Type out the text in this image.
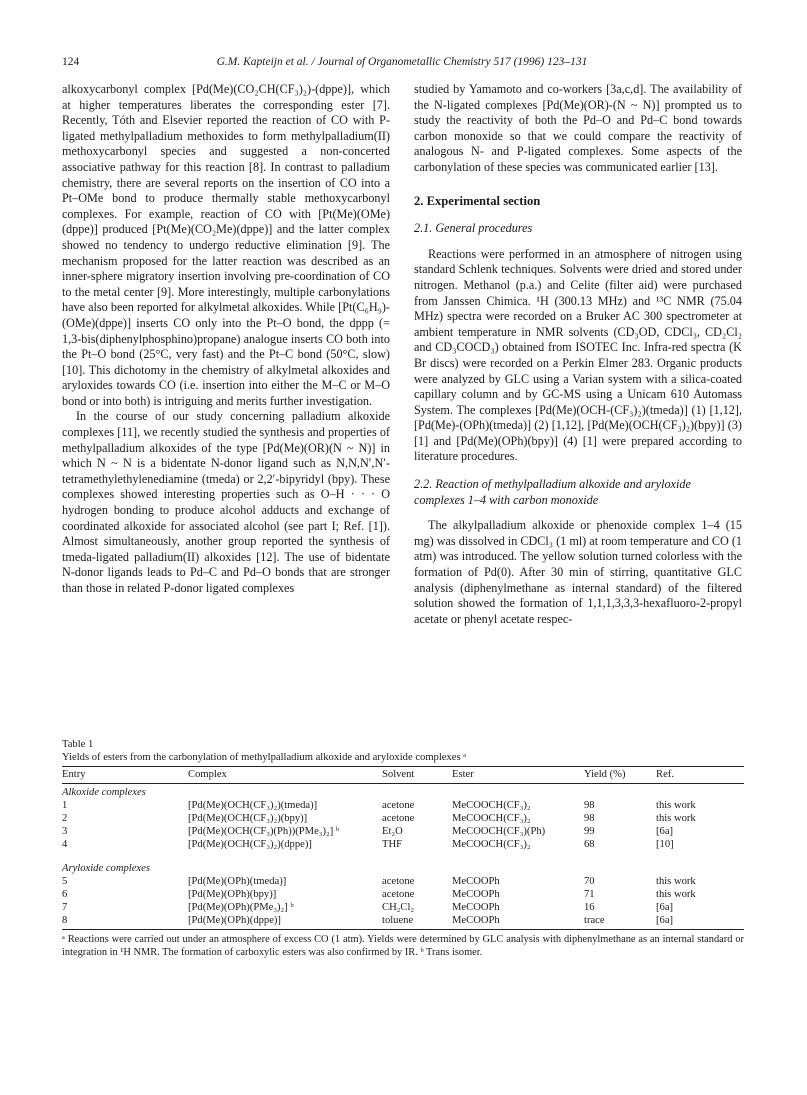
124	G.M. Kapteijn et al. / Journal of Organometallic Chemistry 517 (1996) 123–131

alkoxycarbonyl complex [Pd(Me)(CO₂CH(CF₃)₂)-(dppe)], which at higher temperatures liberates the corresponding ester [7]. Recently, Tóth and Elsevier reported the reaction of CO with P-ligated methylpalladium methoxides to form methylpalladium(II) methoxycarbonyl species and suggested a non-concerted associative pathway for this reaction [8]. In contrast to palladium chemistry, there are several reports on the insertion of CO into a Pt–OMe bond to produce thermally stable methoxycarbonyl complexes. For example, reaction of CO with [Pt(Me)(OMe)(dppe)] produced [Pt(Me)(CO₂Me)(dppe)] and the latter complex showed no tendency to undergo reductive elimination [9]. The mechanism proposed for the latter reaction was described as an inner-sphere migratory insertion involving pre-coordination of CO to the metal center [9]. More interestingly, multiple carbonylations have also been reported for alkylmetal alkoxides. While [Pt(C₆H₉)-(OMe)(dppe)] inserts CO only into the Pt–O bond, the dppp (= 1,3-bis(diphenylphosphino)propane) analogue inserts CO both into the Pt–O bond (25°C, very fast) and the Pt–C bond (50°C, slow) [10]. This dichotomy in the chemistry of alkylmetal alkoxides and aryloxides towards CO (i.e. insertion into either the M–C or M–O bond or into both) is intriguing and merits further investigation.

In the course of our study concerning palladium alkoxide complexes [11], we recently studied the synthesis and properties of methylpalladium alkoxides of the type [Pd(Me)(OR)(N ~ N)] in which N ~ N is a bidentate N-donor ligand such as N,N,N′,N′-tetramethylethylenediamine (tmeda) or 2,2′-bipyridyl (bpy). These complexes showed interesting properties such as O–H · · · O hydrogen bonding to produce alcohol adducts and exchange of coordinated alkoxide for associated alcohol (see part I; Ref. [1]). Almost simultaneously, another group reported the synthesis of tmeda-ligated palladium(II) alkoxides [12]. The use of bidentate N-donor ligands leads to Pd–C and Pd–O bonds that are stronger than those in related P-donor ligated complexes

studied by Yamamoto and co-workers [3a,c,d]. The availability of the N-ligated complexes [Pd(Me)(OR)-(N ~ N)] prompted us to study the reactivity of both the Pd–O and Pd–C bond towards carbon monoxide so that we could compare the reactivity of analogous N- and P-ligated complexes. Some aspects of the carbonylation of these species was communicated earlier [13].

2. Experimental section
2.1. General procedures

Reactions were performed in an atmosphere of nitrogen using standard Schlenk techniques. Solvents were dried and stored under nitrogen. Methanol (p.a.) and Celite (filter aid) were purchased from Janssen Chimica. ¹H (300.13 MHz) and ¹³C NMR (75.04 MHz) spectra were recorded on a Bruker AC 300 spectrometer at ambient temperature in NMR solvents (CD₃OD, CDCl₃, CD₂Cl₂ and CD₃COCD₃) obtained from ISOTEC Inc. Infra-red spectra (K Br discs) were recorded on a Perkin Elmer 283. Organic products were analyzed by GLC using a Varian system with a silica-coated capillary column and by GC-MS using a Unicam 610 Automass System. The complexes [Pd(Me)(OCH-(CF₃)₂)(tmeda)] (1) [1,12], [Pd(Me)-(OPh)(tmeda)] (2) [1,12], [Pd(Me)(OCH(CF₃)₂)(bpy)] (3) [1] and [Pd(Me)(OPh)(bpy)] (4) [1] were prepared according to literature procedures.

2.2. Reaction of methylpalladium alkoxide and aryloxide complexes 1–4 with carbon monoxide

The alkylpalladium alkoxide or phenoxide complex 1–4 (15 mg) was dissolved in CDCl₃ (1 ml) at room temperature and CO (1 atm) was introduced. The yellow solution turned colorless with the formation of Pd(0). After 30 min of stirring, quantitative GLC analysis (diphenylmethane as internal standard) of the filtered solution showed the formation of 1,1,1,3,3,3-hexafluoro-2-propyl acetate or phenyl acetate respec-

Table 1
Yields of esters from the carbonylation of methylpalladium alkoxide and aryloxide complexes ᵃ
Entry	Complex	Solvent	Ester	Yield (%)	Ref.
Alkoxide complexes					
1	[Pd(Me)(OCH(CF₃)₂)(tmeda)]	acetone	MeCOOCH(CF₃)₂	98	this work
2	[Pd(Me)(OCH(CF₃)₂)(bpy)]	acetone	MeCOOCH(CF₃)₂	98	this work
3	[Pd(Me)(OCH(CF₃)(Ph))(PMe₃)₂] ᵇ	Et₂O	MeCOOCH(CF₃)(Ph)	99	[6a]
4	[Pd(Me)(OCH(CF₃)₂)(dppe)]	THF	MeCOOCH(CF₃)₂	68	[10]

Aryloxide complexes					
5	[Pd(Me)(OPh)(tmeda)]	acetone	MeCOOPh	70	this work
6	[Pd(Me)(OPh)(bpy)]	acetone	MeCOOPh	71	this work
7	[Pd(Me)(OPh)(PMe₃)₂] ᵇ	CH₂Cl₂	MeCOOPh	16	[6a]
8	[Pd(Me)(OPh)(dppe)]	toluene	MeCOOPh	trace	[6a]
ᵃ Reactions were carried out under an atmosphere of excess CO (1 atm). Yields were determined by GLC analysis with diphenylmethane as an internal standard or integration in ¹H NMR. The formation of carboxylic esters was also confirmed by IR. ᵇ Trans isomer.
